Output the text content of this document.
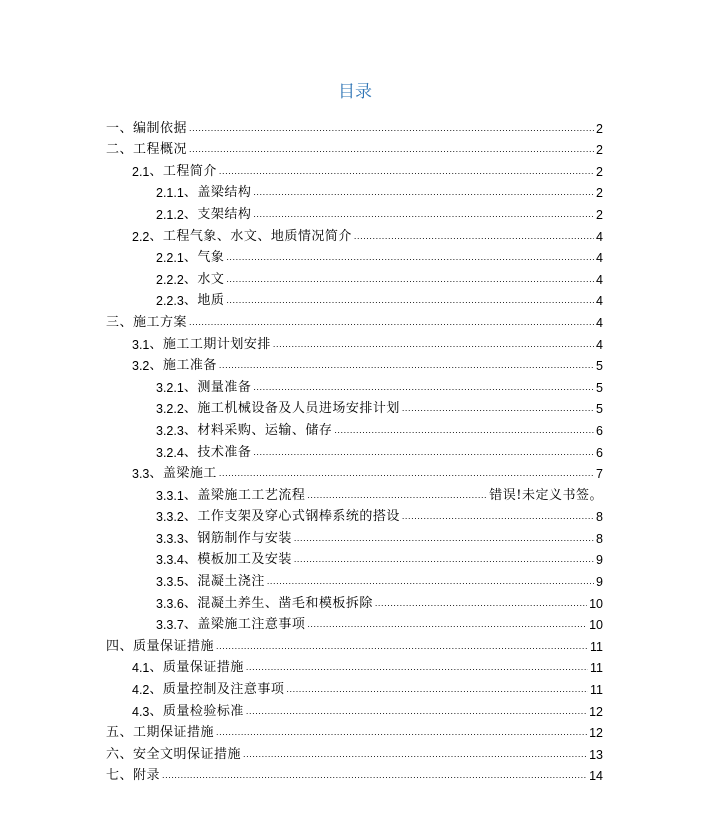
目录
一、编制依据 .....	2
二、工程概况 .....	2
2.1 、工程简介 .....	2
2.1.1 、盖梁结构 .....	2
2.1.2 、支架结构 .....	2
2.2 、工程气象、水文、地质情况简介 .....	4
2.2.1 、气象 .....	4
2.2.2 、水文 .....	4
2.2.3 、地质 .....	4
三、施工方案 .....	4
3.1 、施工工期计划安排 .....	4
3.2 、施工准备 .....	5
3.2.1 、测量准备 .....	5
3.2.2 、施工机械设备及人员进场安排计划 .....	5
3.2.3 、材料采购、运输、储存 .....	6
3.2.4 、技术准备 .....	6
3.3 、盖梁施工 .....	7
3.3.1 、盖梁施工工艺流程 .....	错误!未定义书签。
3.3.2 、工作支架及穿心式钢棒系统的搭设 .....	8
3.3.3 、钢筋制作与安装 .....	8
3.3.4 、模板加工及安装 .....	9
3.3.5 、混凝土浇注 .....	9
3.3.6 、混凝土养生、凿毛和模板拆除 .....	10
3.3.7 、盖梁施工注意事项 .....	10
四、质量保证措施 .....	11
4.1 、质量保证措施 .....	11
4.2 、质量控制及注意事项 .....	11
4.3 、质量检验标准 .....	12
五、工期保证措施 .....	12
六、安全文明保证措施 .....	13
七、附录 .....	14
